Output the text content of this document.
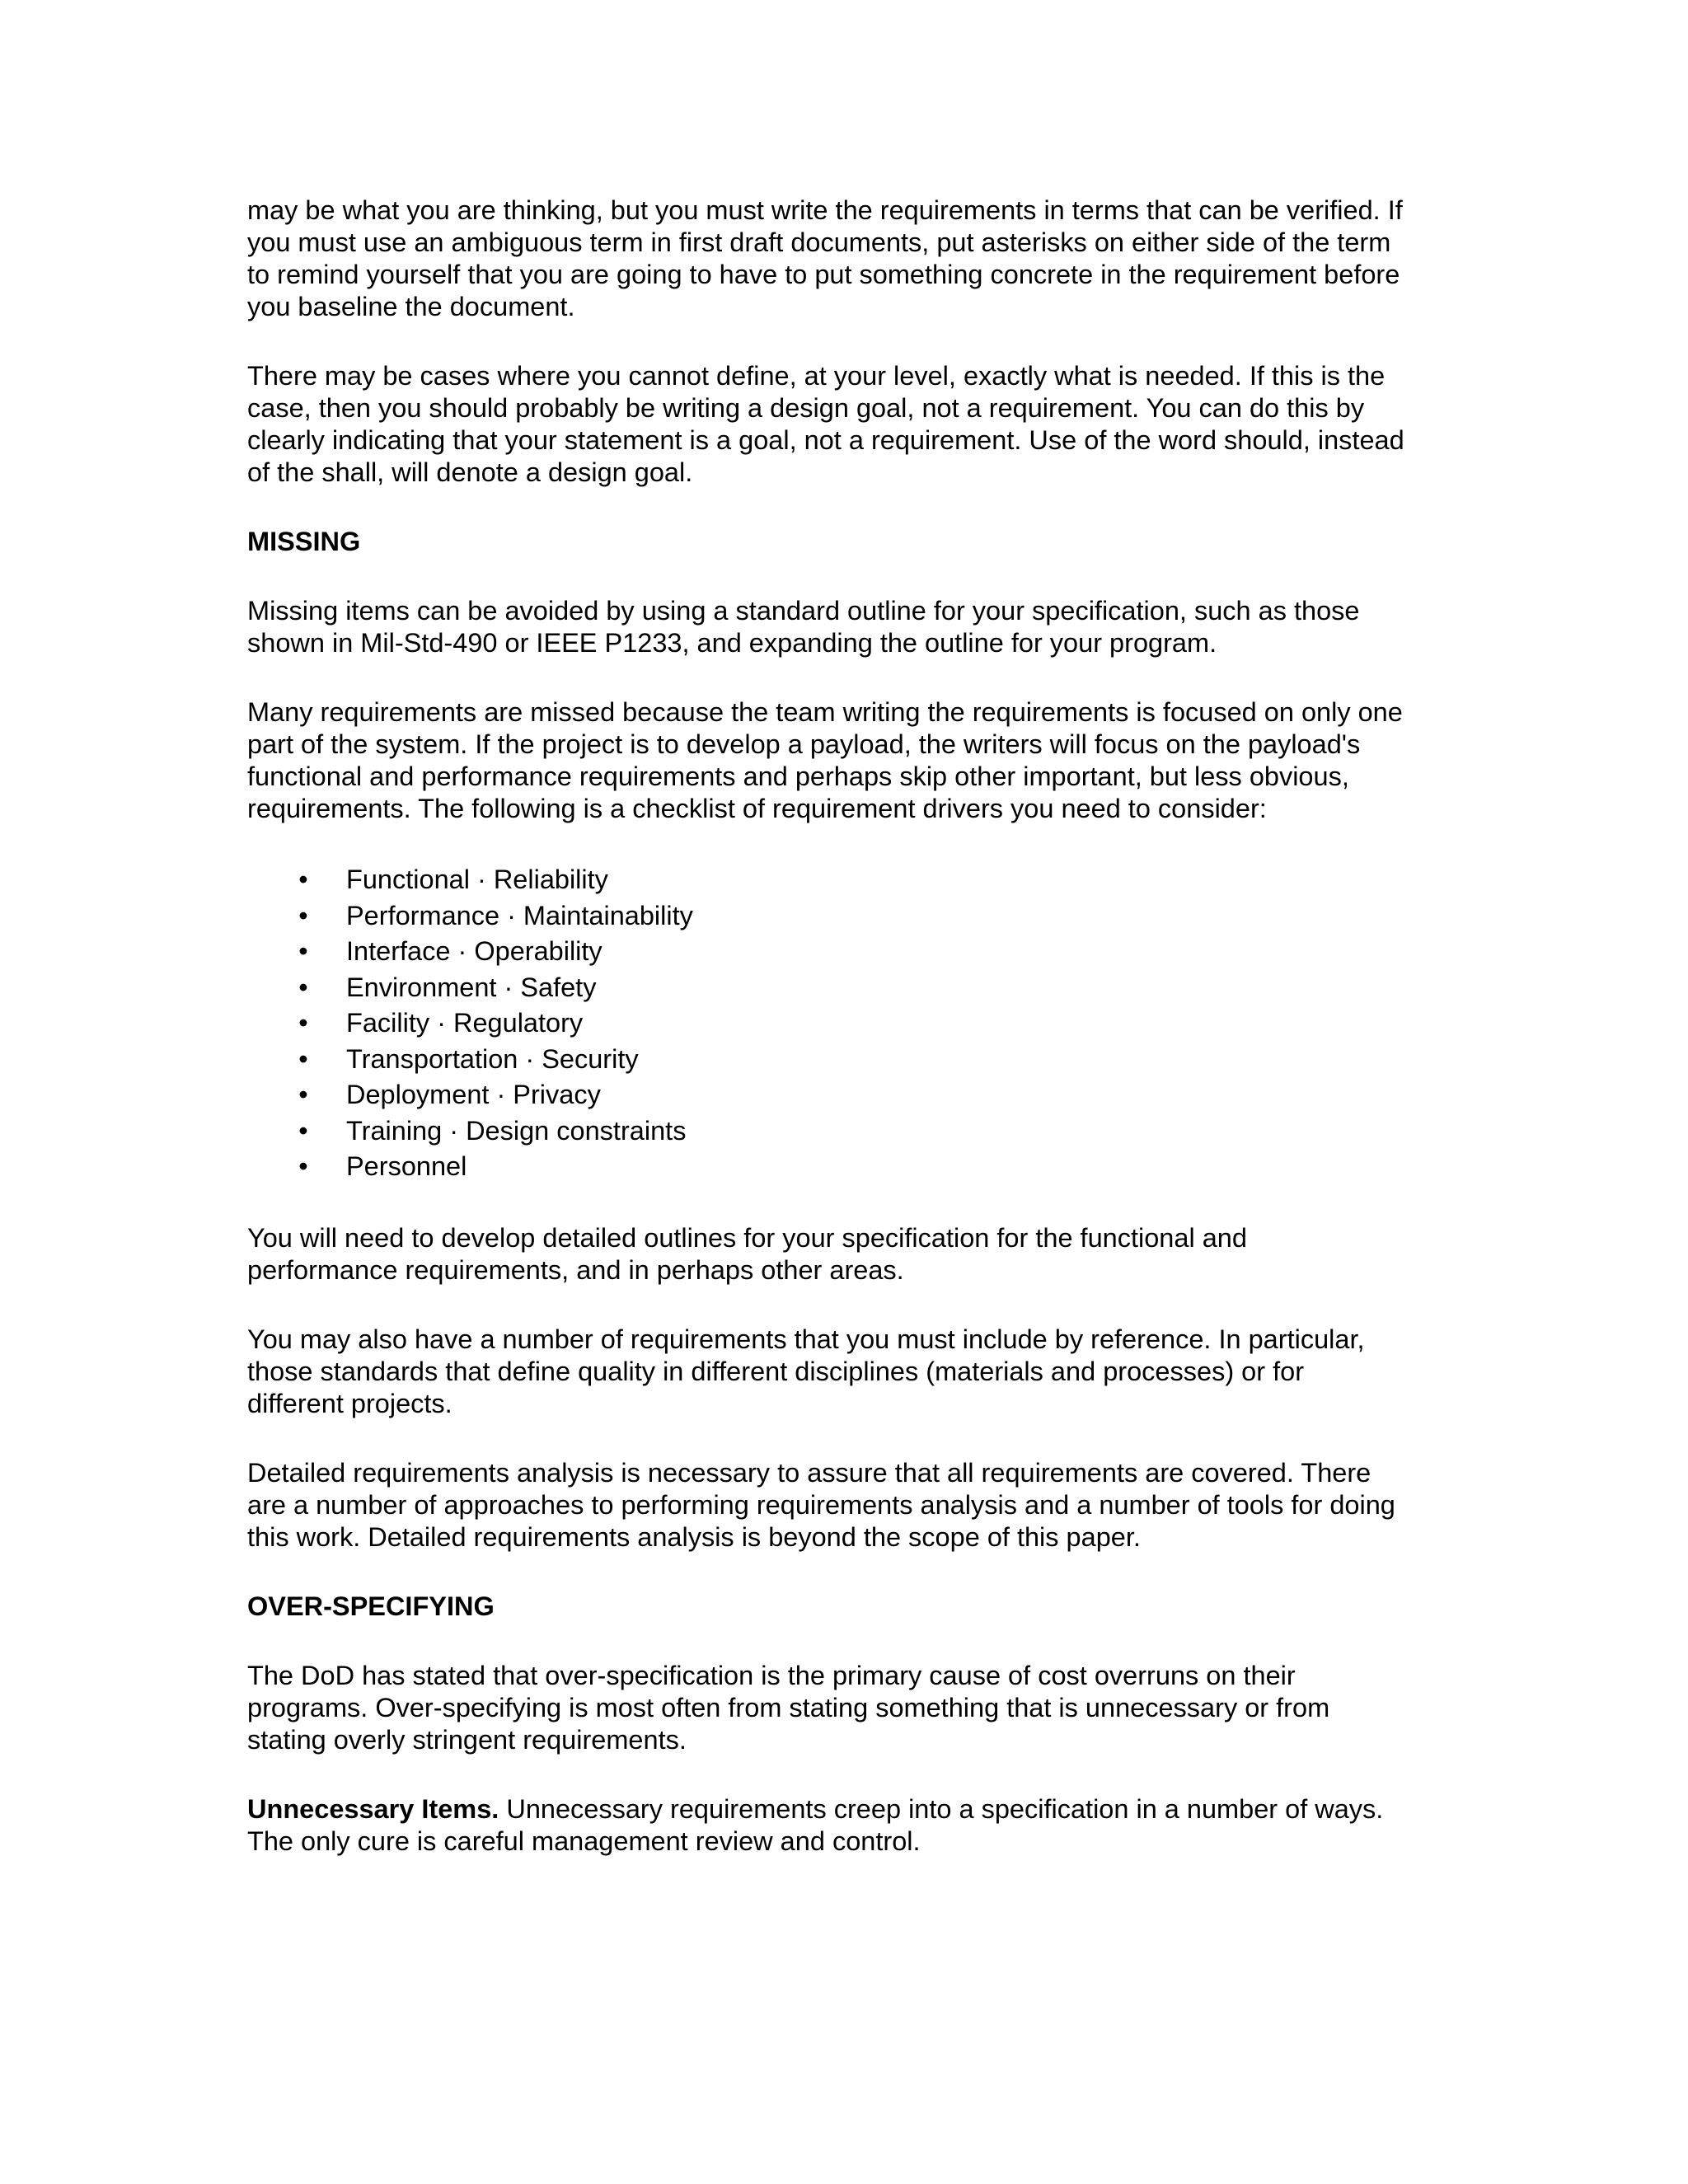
may be what you are thinking, but you must write the requirements in terms that can be verified. If
you must use an ambiguous term in first draft documents, put asterisks on either side of the term
to remind yourself that you are going to have to put something concrete in the requirement before
you baseline the document.

There may be cases where you cannot define, at your level, exactly what is needed. If this is the
case, then you should probably be writing a design goal, not a requirement. You can do this by
clearly indicating that your statement is a goal, not a requirement. Use of the word should, instead
of the shall, will denote a design goal.

MISSING

Missing items can be avoided by using a standard outline for your specification, such as those
shown in Mil-Std-490 or IEEE P1233, and expanding the outline for your program.

Many requirements are missed because the team writing the requirements is focused on only one
part of the system. If the project is to develop a payload, the writers will focus on the payload's
functional and performance requirements and perhaps skip other important, but less obvious,
requirements. The following is a checklist of requirement drivers you need to consider:

• Functional · Reliability
• Performance · Maintainability
• Interface · Operability
• Environment · Safety
• Facility · Regulatory
• Transportation · Security
• Deployment · Privacy
• Training · Design constraints
• Personnel

You will need to develop detailed outlines for your specification for the functional and
performance requirements, and in perhaps other areas.

You may also have a number of requirements that you must include by reference. In particular,
those standards that define quality in different disciplines (materials and processes) or for
different projects.

Detailed requirements analysis is necessary to assure that all requirements are covered. There
are a number of approaches to performing requirements analysis and a number of tools for doing
this work. Detailed requirements analysis is beyond the scope of this paper.

OVER-SPECIFYING

The DoD has stated that over-specification is the primary cause of cost overruns on their
programs. Over-specifying is most often from stating something that is unnecessary or from
stating overly stringent requirements.

Unnecessary Items. Unnecessary requirements creep into a specification in a number of ways.
The only cure is careful management review and control.
